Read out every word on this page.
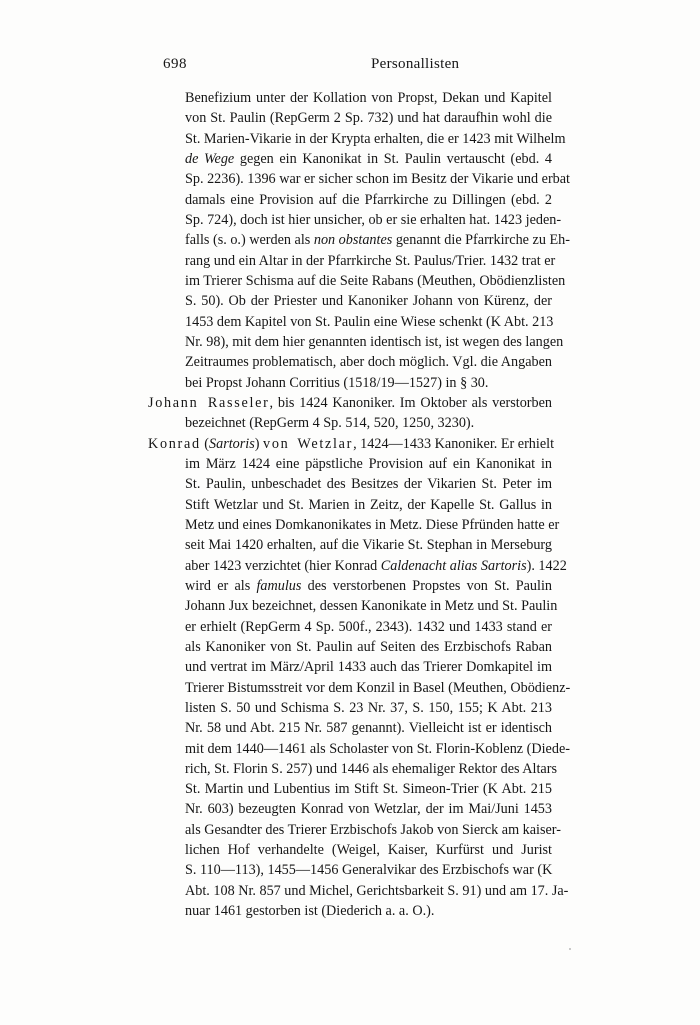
698	Personallisten
Benefizium unter der Kollation von Propst, Dekan und Kapitel
von St. Paulin (RepGerm 2 Sp. 732) und hat daraufhin wohl die
St. Marien-Vikarie in der Krypta erhalten, die er 1423 mit Wilhelm
de Wege gegen ein Kanonikat in St. Paulin vertauscht (ebd. 4
Sp. 2236). 1396 war er sicher schon im Besitz der Vikarie und erbat
damals eine Provision auf die Pfarrkirche zu Dillingen (ebd. 2
Sp. 724), doch ist hier unsicher, ob er sie erhalten hat. 1423 jeden-
falls (s. o.) werden als non obstantes genannt die Pfarrkirche zu Eh-
rang und ein Altar in der Pfarrkirche St. Paulus/Trier. 1432 trat er
im Trierer Schisma auf die Seite Rabans (Meuthen, Obödienzlisten
S. 50). Ob der Priester und Kanoniker Johann von Kürenz, der
1453 dem Kapitel von St. Paulin eine Wiese schenkt (K Abt. 213
Nr. 98), mit dem hier genannten identisch ist, ist wegen des langen
Zeitraumes problematisch, aber doch möglich. Vgl. die Angaben
bei Propst Johann Corritius (1518/19—1527) in § 30.
Johann Rasseler, bis 1424 Kanoniker. Im Oktober als verstorben
bezeichnet (RepGerm 4 Sp. 514, 520, 1250, 3230).
Konrad (Sartoris) von Wetzlar, 1424—1433 Kanoniker. Er erhielt
im März 1424 eine päpstliche Provision auf ein Kanonikat in
St. Paulin, unbeschadet des Besitzes der Vikarien St. Peter im
Stift Wetzlar und St. Marien in Zeitz, der Kapelle St. Gallus in
Metz und eines Domkanonikates in Metz. Diese Pfründen hatte er
seit Mai 1420 erhalten, auf die Vikarie St. Stephan in Merseburg
aber 1423 verzichtet (hier Konrad Caldenacht alias Sartoris). 1422
wird er als famulus des verstorbenen Propstes von St. Paulin
Johann Jux bezeichnet, dessen Kanonikate in Metz und St. Paulin
er erhielt (RepGerm 4 Sp. 500f., 2343). 1432 und 1433 stand er
als Kanoniker von St. Paulin auf Seiten des Erzbischofs Raban
und vertrat im März/April 1433 auch das Trierer Domkapitel im
Trierer Bistumsstreit vor dem Konzil in Basel (Meuthen, Obödienz-
listen S. 50 und Schisma S. 23 Nr. 37, S. 150, 155; K Abt. 213
Nr. 58 und Abt. 215 Nr. 587 genannt). Vielleicht ist er identisch
mit dem 1440—1461 als Scholaster von St. Florin-Koblenz (Diede-
rich, St. Florin S. 257) und 1446 als ehemaliger Rektor des Altars
St. Martin und Lubentius im Stift St. Simeon-Trier (K Abt. 215
Nr. 603) bezeugten Konrad von Wetzlar, der im Mai/Juni 1453
als Gesandter des Trierer Erzbischofs Jakob von Sierck am kaiser-
lichen Hof verhandelte (Weigel, Kaiser, Kurfürst und Jurist
S. 110—113), 1455—1456 Generalvikar des Erzbischofs war (K
Abt. 108 Nr. 857 und Michel, Gerichtsbarkeit S. 91) und am 17. Ja-
nuar 1461 gestorben ist (Diederich a. a. O.).
